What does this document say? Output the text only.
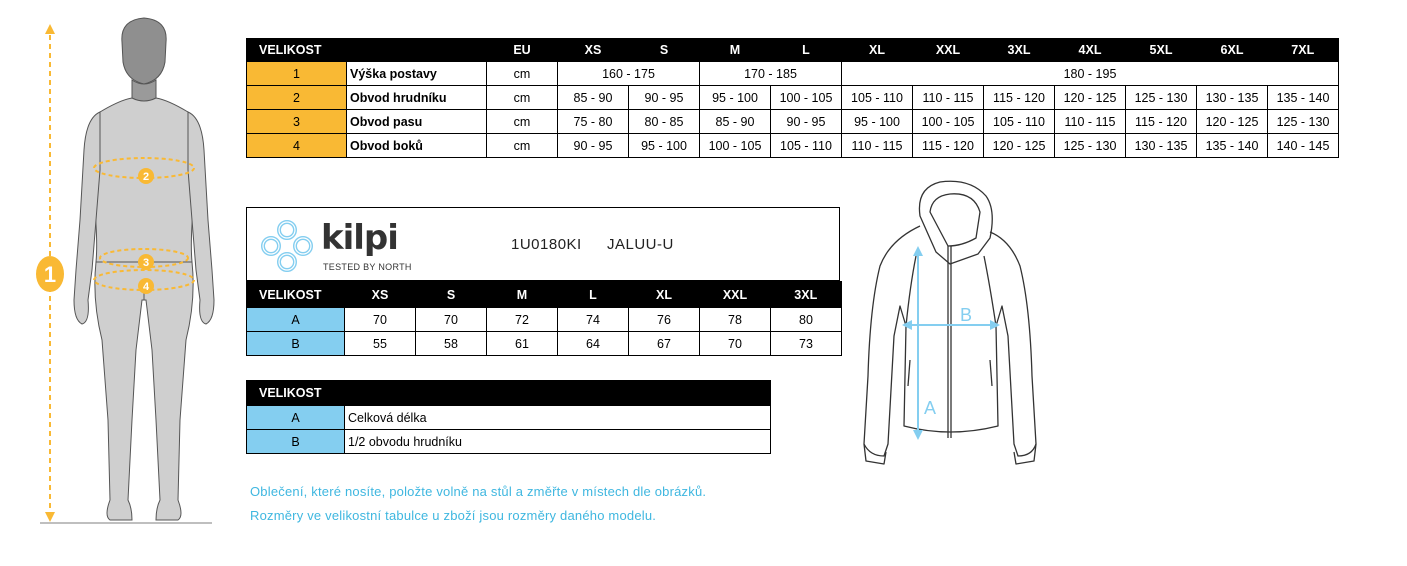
1
2
3
4
VELIKOST		EU	XS	S	M	L	XL	XXL	3XL	4XL	5XL	6XL	7XL
1	Výška postavy	cm	160 - 175		170 - 185		180 - 195						
2	Obvod hrudníku	cm	85 - 90	90 - 95	95 - 100	100 - 105	105 - 110	110 - 115	115 - 120	120 - 125	125 - 130	130 - 135	135 - 140
3	Obvod pasu	cm	75 - 80	80 - 85	85 - 90	90 - 95	95 - 100	100 - 105	105 - 110	110 - 115	115 - 120	120 - 125	125 - 130
4	Obvod boků	cm	90 - 95	95 - 100	100 - 105	105 - 110	110 - 115	115 - 120	120 - 125	125 - 130	130 - 135	135 - 140	140 - 145
kilpi
TESTED BY NORTH
1U0180KI JALUU-U
VELIKOST	XS	S	M	L	XL	XXL	3XL
A	70	70	72	74	76	78	80
B	55	58	61	64	67	70	73
VELIKOST	
A	Celková délka
B	1/2 obvodu hrudníku
A
B
Oblečení, které nosíte, položte volně na stůl a změřte v místech dle obrázků.
Rozměry ve velikostní tabulce u zboží jsou rozměry daného modelu.
